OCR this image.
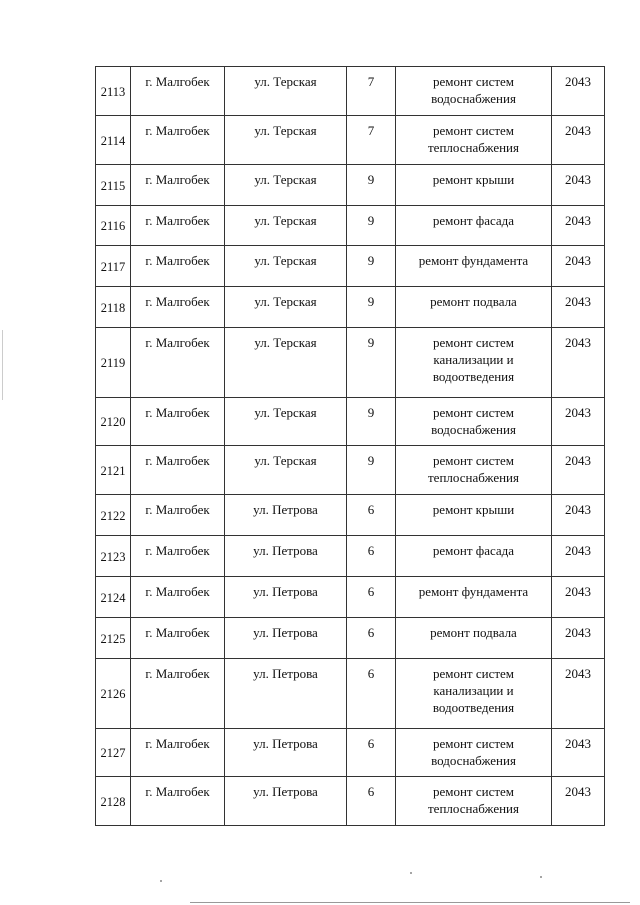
2113	г. Малгобек	ул. Терская	7	ремонт систем водоснабжения	2043
2114	г. Малгобек	ул. Терская	7	ремонт систем теплоснабжения	2043
2115	г. Малгобек	ул. Терская	9	ремонт крыши	2043
2116	г. Малгобек	ул. Терская	9	ремонт фасада	2043
2117	г. Малгобек	ул. Терская	9	ремонт фундамента	2043
2118	г. Малгобек	ул. Терская	9	ремонт подвала	2043
2119	г. Малгобек	ул. Терская	9	ремонт систем канализации и водоотведения	2043
2120	г. Малгобек	ул. Терская	9	ремонт систем водоснабжения	2043
2121	г. Малгобек	ул. Терская	9	ремонт систем теплоснабжения	2043
2122	г. Малгобек	ул. Петрова	6	ремонт крыши	2043
2123	г. Малгобек	ул. Петрова	6	ремонт фасада	2043
2124	г. Малгобек	ул. Петрова	6	ремонт фундамента	2043
2125	г. Малгобек	ул. Петрова	6	ремонт подвала	2043
2126	г. Малгобек	ул. Петрова	6	ремонт систем канализации и водоотведения	2043
2127	г. Малгобек	ул. Петрова	6	ремонт систем водоснабжения	2043
2128	г. Малгобек	ул. Петрова	6	ремонт систем теплоснабжения	2043
